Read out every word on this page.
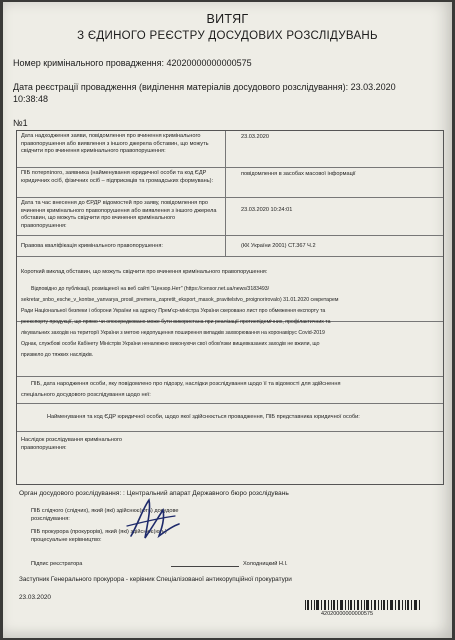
ВИТЯГ
З ЄДИНОГО РЕЄСТРУ ДОСУДОВИХ РОЗСЛІДУВАНЬ
Номер кримінального провадження: 42020000000000575
Дата реєстрації провадження (виділення матеріалів досудового розслідування): 23.03.2020
10:38:48
№1
Дата надходження заяви, повідомлення про вчинення кримінального правопорушення або виявлення з іншого джерела обставин, що можуть свідчити про вчинення кримінального правопорушення:
23.03.2020
ПІБ потерпілого, заявника (найменування юридичної особи та код ЄДР юридичних осіб, фізичних осіб – підприємців та громадських формувань):
повідомлення в засобах масової інформації
Дата та час внесення до ЄРДР відомостей про заяву, повідомлення про вчинення кримінального правопорушення або виявлення з іншого джерела обставин, що можуть свідчити про вчинення кримінального правопорушення:
23.03.2020 10:24:01
Правова кваліфікація кримінального правопорушення:	(КК України 2001) СТ.367 Ч.2
Короткий виклад обставин, що можуть свідчити про вчинення кримінального правопорушення:
Відповідно до публікації, розміщеної на веб сайті "Цензор.Нет" (https://censor.net.ua/news/3183493/
sekretar_snbo_esche_v_kontse_yanvarya_prosil_premera_zapretit_eksport_masok_pravitelstvo_proignorirovalo) 31.01.2020 секретарем
Ради Національної безпеки і оборони України на адресу Прем'єр-міністра України скеровано лист про обмеження експорту та
реекспорту продукції, що прямо чи опосередковано може бути використана при реалізації протиепідемічних, профілактичних та
лікувальних заходів на території України з метою недопущення поширення випадків захворювання на коронавірус Covid-2019
Однак, службові особи Кабінету Міністрів України неналежно виконуючи свої обов'язки вищевказаних заходів не вжили, що
призвело до тяжких наслідків.
ПІБ, дата народження особи, яку повідомлено про підозру, наслідки розслідування щодо її та відомості для здійснення
спеціального досудового розслідування щодо неї:
Найменування та код ЄДР юридичної особи, щодо якої здійснюється провадження, ПІБ представника юридичної особи:
Наслідок розслідування кримінального
правопорушення:
Орган досудового розслідування: : Центральний апарат Державного бюро розслідувань
ПІБ слідчого (слідчих), який (які) здійснює(ють) досудове
розслідування:
ПІБ прокурора (прокурорів), який (які) здійснює(ють)
процесуальне керівництво:
Підпис реєстратора	Холодницкий Н.І.
Заступник Генерального прокурора - керівник Спеціалізованої антикорупційної прокуратури
23.03.2020
42020000000000575
